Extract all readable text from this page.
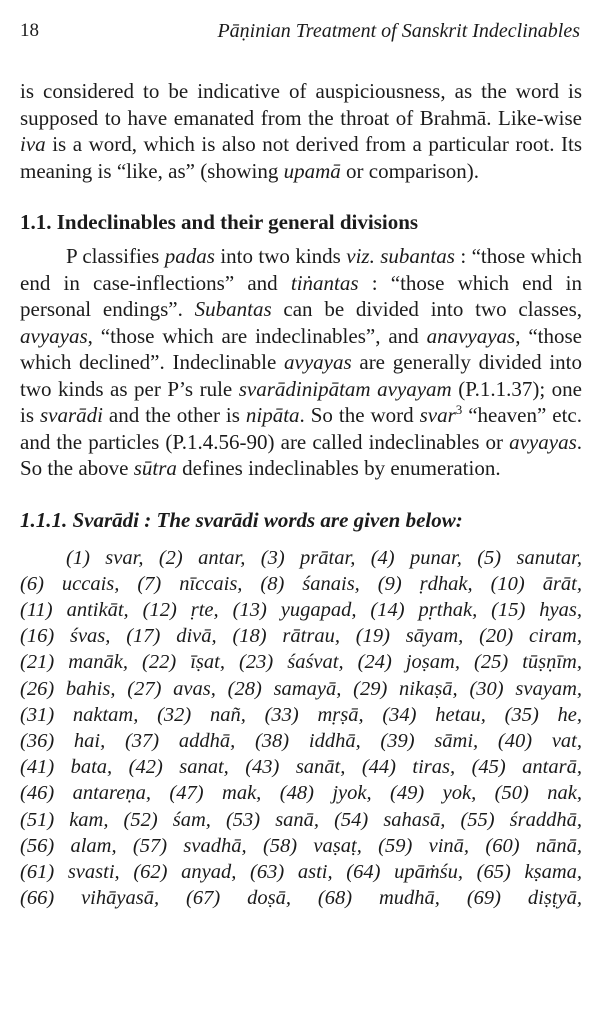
18	Pāṇinian Treatment of Sanskrit Indeclinables

is considered to be indicative of auspiciousness, as the word is supposed to have emanated from the throat of Brahmā. Like-wise iva is a word, which is also not derived from a particular root. Its meaning is “like, as” (showing upamā or comparison).

1.1. Indeclinables and their general divisions

P classifies padas into two kinds viz. subantas : “those which end in case-inflections” and tiṅantas : “those which end in personal endings”. Subantas can be divided into two classes, avyayas, “those which are indeclinables”, and anavyayas, “those which declined”. Indeclinable avyayas are generally divided into two kinds as per P’s rule svarādinipātam avyayam (P.1.1.37); one is svarādi and the other is nipāta. So the word svar$^3$ “heaven” etc. and the particles (P.1.4.56-90) are called indeclinables or avyayas. So the above sūtra defines indeclinables by enumeration.

1.1.1. Svarādi : The svarādi words are given below:
(1) svar, (2) antar, (3) prātar, (4) punar, (5) sanutar,
(6) uccais, (7) nīccais, (8) śanais, (9) ṛdhak, (10) ārāt,
(11) antikāt, (12) ṛte, (13) yugapad, (14) pṛthak, (15) hyas,
(16) śvas, (17) divā, (18) rātrau, (19) sāyam, (20) ciram,
(21) manāk, (22) īṣat, (23) śaśvat, (24) joṣam, (25) tūṣṇīm,
(26) bahis, (27) avas, (28) samayā, (29) nikaṣā, (30) svayam,
(31) naktam, (32) nañ, (33) mṛṣā, (34) hetau, (35) he,
(36) hai, (37) addhā, (38) iddhā, (39) sāmi, (40) vat,
(41) bata, (42) sanat, (43) sanāt, (44) tiras, (45) antarā,
(46) antareṇa, (47) mak, (48) jyok, (49) yok, (50) nak,
(51) kam, (52) śam, (53) sanā, (54) sahasā, (55) śraddhā,
(56) alam, (57) svadhā, (58) vaṣaṭ, (59) vinā, (60) nānā,
(61) svasti, (62) anyad, (63) asti, (64) upāṁśu, (65) kṣama,
(66) vihāyasā, (67) doṣā, (68) mudhā, (69) diṣṭyā,
